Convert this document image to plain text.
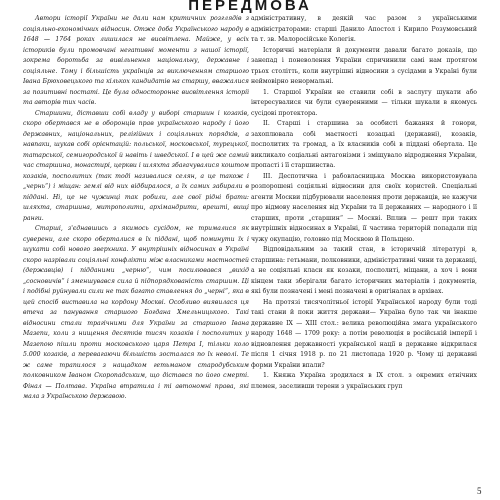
ПЕРЕДМОВА

Автори історії України не дали нам критичних розглядів з соціяльно-економічних відносин. Отже доба Українського народу в 1648 — 1764 роках лишилася не висвітлена. Майже, у всіх істориків були промовчані негативні моменти з нашої історії, зокрема боротьба за вивільнення національну, державне і соціяльне. Тому і більшість українців за виключенням старшого Івана Брюховецького та кількох кандидатів на старшу, вважалися за позитивні постаті. Це була одностороннє висвітлення історії та авторів тих часів.

Старшини, діставши собі владу у виборі старшин і козаків, скоро обертався не в оборонців прав українського народу і його державних, національних, релігійних і соціяльних порядків, а навпаки, шукав собі орієнтацій: польської, московської, турецької, татарської, семигородської й навіть і шведської. І в цей же самий час старшина, монастирі, церкви і шляхта збагачувалися коштом козаків, посполитих (так тоді називалися селян, а це також і „чернь“) і міщан: землі від них відбиралося, а їх самих забирали в піддані. Ні, це не чужинці так робили, але свої рідні брати: шляхта, старшина, митрополити, архімандрити, врешті, вищі ранги.

Старші, з'єднавшись з якимось сусідом, не трималися як суверени, але скоро оберталися в їх піддані, щоб поминути їх і шукати собі нового зверхника. У внутрішніх відносинах в Україні скоро назрівали соціяльні конфлікти між власниками маєтностей (державців) і підданими „черню“, чим посилювався „вихід „сосновичів“ і зменшувався сила й підпорядкованість старшим. Ці і подібні руйнували сили не так багато ставлення до „черні“, яка в цей спосіб виставила на кордону Москві. Особливо виявилася ця втеча за панування старшого Богдана Хмельницького. Такі відносини стали трагічними для України за старшого Івана Мазепи, коли з нищення десятків тисяч козаків і посполитих у Мазепою пішли проти московського царя Петра І, тільки коло 5.000 козаків, а перевагаючи більшість зосталася по їх неволі. Те ж саме трапилося з нащадком гетьманом стародубським полковником Іваном Скоропадським, що дістався по його смерті. Фінал — Полтава. Україна втратила і ті автономні права, які мала з Українською державою.

адміністративну, в деякій час разом з українськими адміністраторами: старші Данило Апостол і Кирило Розумовський та т. зв. Малоросійське Колегія.

Історичні матеріали й документи давали багато доказів, що занепад і поневолення України спричинили самі нам протягом трьох столітть, коли внутрішні відносини з сусідами в Україні були неймовірно ненормальні.

1. Старшої України не ставили собі в заслугу шукати або інтересувалися чи були суверенними — тільки шукали в якомусь сусідові протектора.

II. Старші і старшина за особисті бажання й гонори, захоплювала собі маєтності козацькі (державні), козаків, посполитих та громад, а їх власників собі в піддані обертала. Це викликало соціальні антагонізми і зміщувало відродження України, пропасті і її старшинства.

III. Деспотична і рабовласницька Москва використовувала розпорошені соціяльні відносини для своїх користей. Спеціальні агенти Москви підбурювали населення проти державців, не кажучи про відмову населення від України та її державних — народного і її старших, проти „старшин“ — Москві. Вплив — решт при таких внутрішніх відносинах в Україні, її частина територій попадали під чужу окупацію, головно під Москвою й Польщею.

Відповідальним за такий стан, в історичній літературі в, старшина: гетьмани, полковники, адміністративні чини та державці, а не соціяльні класи як козаки, посполиті, міщани, а хоч і вони кінцем таки зберігали багато історичних матеріалів і документів, які були позначені і мені позначені в оригіналах в архівах.

На протязі тисячолітньої історії Української народу були тоді такі стани й поки життя держави— Україна було так чи інакше державне ІХ — XIII стол.: велика революційна змага українського народу 1648 — 1709 року: а потім революція в російській імперії і відновлення державності української нації в державне відкрилася після 1 січня 1918 р. по 21 листопада 1920 р. Чому ці державні форми України впали?

1. Княжа Україна зродилася в ІХ стол. з окремих етнічних племен, заселивши терени з українських груп

5
